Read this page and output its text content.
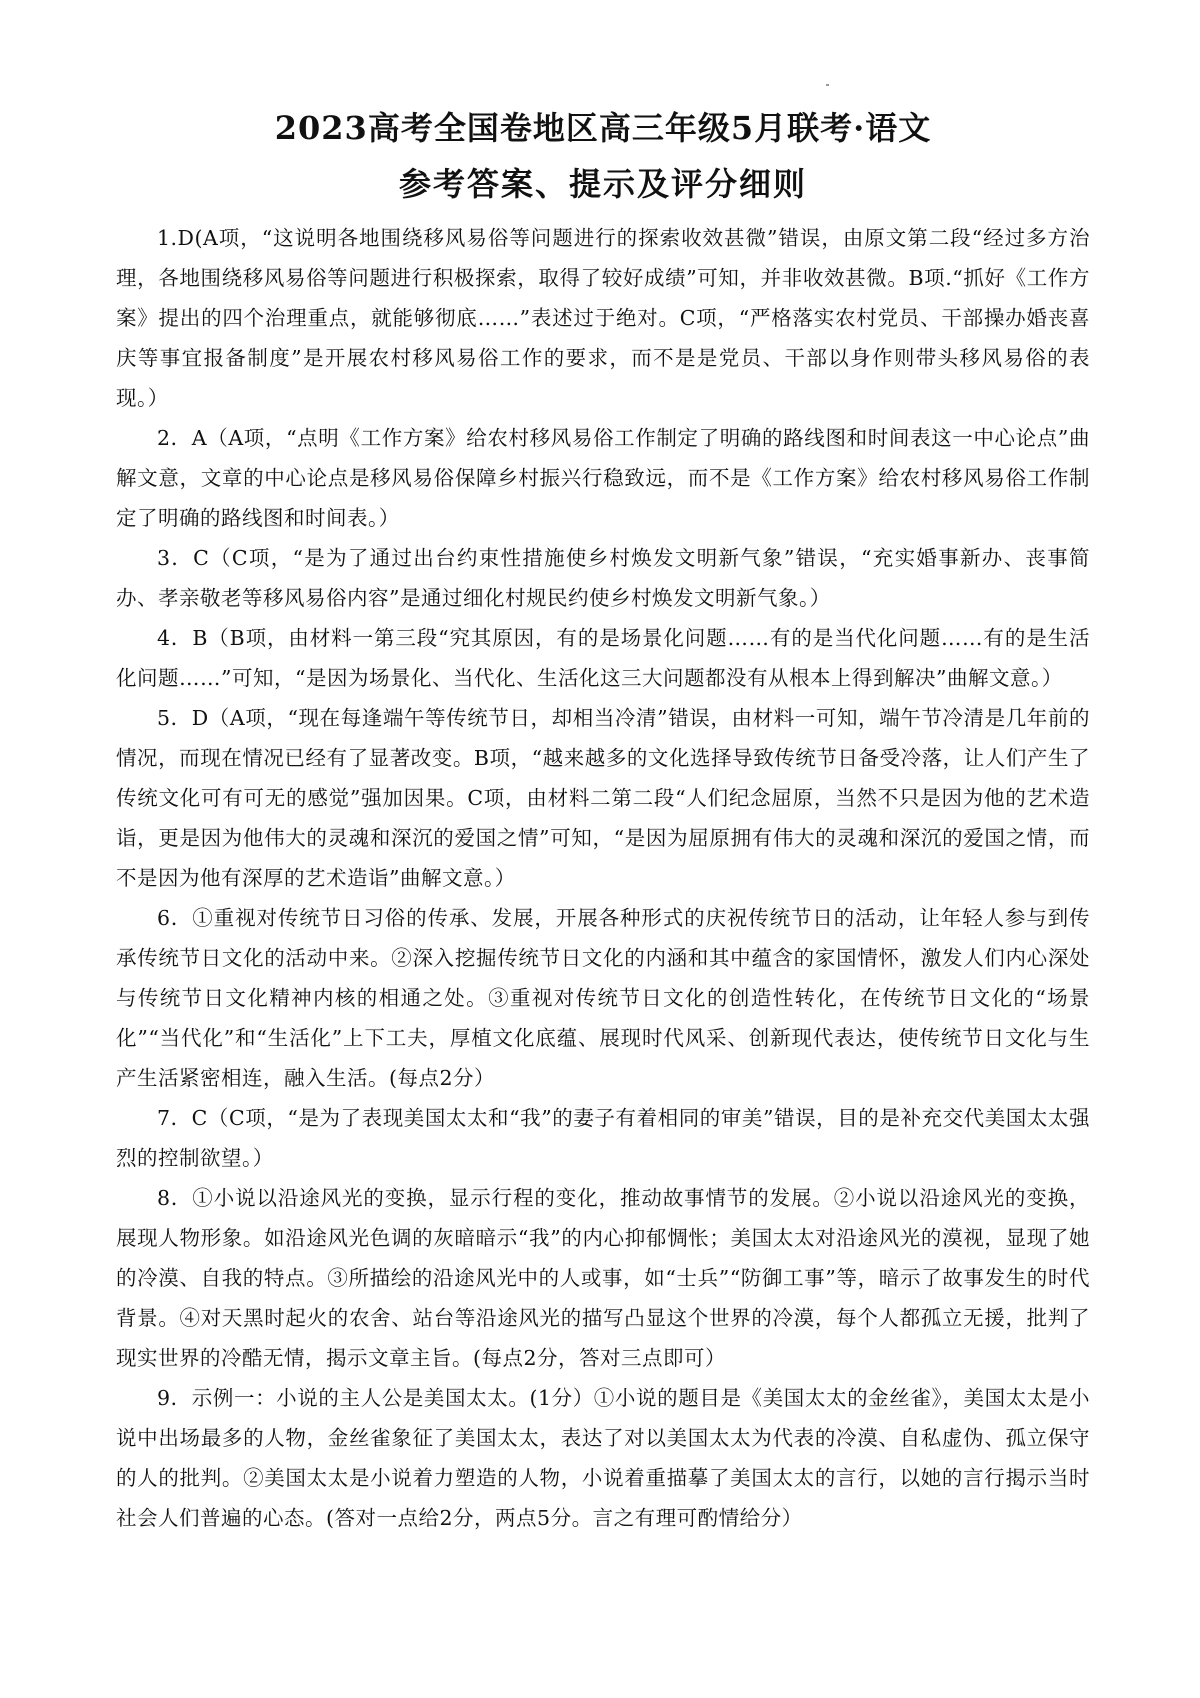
2023高考全国卷地区高三年级5月联考·语文
参考答案、提示及评分细则

1.D(A项，“这说明各地围绕移风易俗等问题进行的探索收效甚微”错误，由原文第二段“经过多方治理，各地围绕移风易俗等问题进行积极探索，取得了较好成绩”可知，并非收效甚微。B项.“抓好《工作方案》提出的四个治理重点，就能够彻底……”表述过于绝对。C项，“严格落实农村党员、干部操办婚丧喜庆等事宜报备制度”是开展农村移风易俗工作的要求，而不是是党员、干部以身作则带头移风易俗的表现。）

2．A（A项，“点明《工作方案》给农村移风易俗工作制定了明确的路线图和时间表这一中心论点”曲解文意，文章的中心论点是移风易俗保障乡村振兴行稳致远，而不是《工作方案》给农村移风易俗工作制定了明确的路线图和时间表。）

3．C（C项，“是为了通过出台约束性措施使乡村焕发文明新气象”错误，“充实婚事新办、丧事简办、孝亲敬老等移风易俗内容”是通过细化村规民约使乡村焕发文明新气象。）

4．B（B项，由材料一第三段“究其原因，有的是场景化问题……有的是当代化问题……有的是生活化问题……”可知，“是因为场景化、当代化、生活化这三大问题都没有从根本上得到解决”曲解文意。）

5．D（A项，“现在每逢端午等传统节日，却相当冷清”错误，由材料一可知，端午节冷清是几年前的情况，而现在情况已经有了显著改变。B项，“越来越多的文化选择导致传统节日备受冷落，让人们产生了传统文化可有可无的感觉”强加因果。C项，由材料二第二段“人们纪念屈原，当然不只是因为他的艺术造诣，更是因为他伟大的灵魂和深沉的爱国之情”可知，“是因为屈原拥有伟大的灵魂和深沉的爱国之情，而不是因为他有深厚的艺术造诣”曲解文意。）

6．①重视对传统节日习俗的传承、发展，开展各种形式的庆祝传统节日的活动，让年轻人参与到传承传统节日文化的活动中来。②深入挖掘传统节日文化的内涵和其中蕴含的家国情怀，激发人们内心深处与传统节日文化精神内核的相通之处。③重视对传统节日文化的创造性转化，在传统节日文化的“场景化”“当代化”和“生活化”上下工夫，厚植文化底蕴、展现时代风采、创新现代表达，使传统节日文化与生产生活紧密相连，融入生活。(每点2分）

7．C（C项，“是为了表现美国太太和“我”的妻子有着相同的审美”错误，目的是补充交代美国太太强烈的控制欲望。）

8．①小说以沿途风光的变换，显示行程的变化，推动故事情节的发展。②小说以沿途风光的变换，展现人物形象。如沿途风光色调的灰暗暗示“我”的内心抑郁惆怅；美国太太对沿途风光的漠视，显现了她的冷漠、自我的特点。③所描绘的沿途风光中的人或事，如“士兵”“防御工事”等，暗示了故事发生的时代背景。④对天黑时起火的农舍、站台等沿途风光的描写凸显这个世界的冷漠，每个人都孤立无援，批判了现实世界的冷酷无情，揭示文章主旨。(每点2分，答对三点即可）

9．示例一：小说的主人公是美国太太。(1分）①小说的题目是《美国太太的金丝雀》，美国太太是小说中出场最多的人物，金丝雀象征了美国太太，表达了对以美国太太为代表的冷漠、自私虚伪、孤立保守的人的批判。②美国太太是小说着力塑造的人物，小说着重描摹了美国太太的言行，以她的言行揭示当时社会人们普遍的心态。(答对一点给2分，两点5分。言之有理可酌情给分）
